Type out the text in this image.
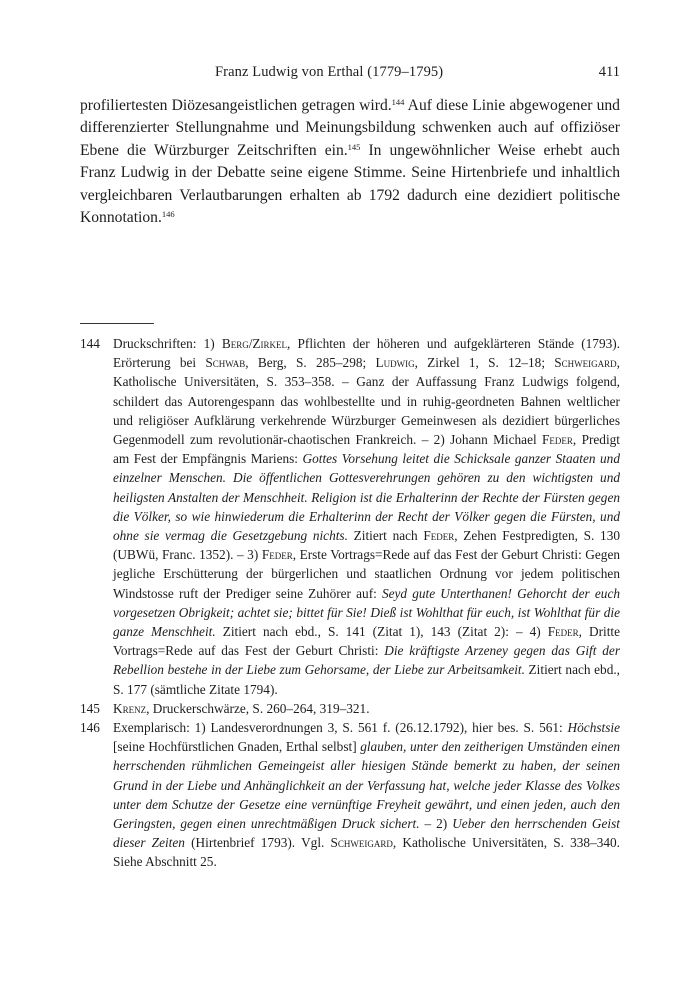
Franz Ludwig von Erthal (1779–1795)	411

profiliertesten Diözesangeistlichen getragen wird.$^{144}$ Auf diese Linie abgewogener und differenzierter Stellungnahme und Meinungsbildung schwenken auch auf offiziöser Ebene die Würzburger Zeitschriften ein.$^{145}$ In ungewöhnlicher Weise erhebt auch Franz Ludwig in der Debatte seine eigene Stimme. Seine Hirtenbriefe und inhaltlich vergleichbaren Verlautbarungen erhalten ab 1792 dadurch eine dezidiert politische Konnotation.$^{146}$

144 Druckschriften: 1) Berg/Zirkel, Pflichten der höheren und aufgeklärteren Stände (1793). Erörterung bei Schwab, Berg, S. 285–298; Ludwig, Zirkel 1, S. 12–18; Schweigard, Katholische Universitäten, S. 353–358. – Ganz der Auffassung Franz Ludwigs folgend, schildert das Autorengespann das wohlbestellte und in ruhig-geordneten Bahnen weltlicher und religiöser Aufklärung verkehrende Würzburger Gemeinwesen als dezidiert bürgerliches Gegenmodell zum revolutionär-chaotischen Frankreich. – 2) Johann Michael Feder, Predigt am Fest der Empfängnis Mariens: Gottes Vorsehung leitet die Schicksale ganzer Staaten und einzelner Menschen. Die öffentlichen Gottesverehrungen gehören zu den wichtigsten und heiligsten Anstalten der Menschheit. Religion ist die Erhalterinn der Rechte der Fürsten gegen die Völker, so wie hinwiederum die Erhalterinn der Recht der Völker gegen die Fürsten, und ohne sie vermag die Gesetzgebung nichts. Zitiert nach Feder, Zehen Festpredigten, S. 130 (UBWü, Franc. 1352). – 3) Feder, Erste Vortrags=Rede auf das Fest der Geburt Christi: Gegen jegliche Erschütterung der bürgerlichen und staatlichen Ordnung vor jedem politischen Windstosse ruft der Prediger seine Zuhörer auf: Seyd gute Unterthanen! Gehorcht der euch vorgesetzen Obrigkeit; achtet sie; bittet für Sie! Dieß ist Wohlthat für euch, ist Wohlthat für die ganze Menschheit. Zitiert nach ebd., S. 141 (Zitat 1), 143 (Zitat 2): – 4) Feder, Dritte Vortrags=Rede auf das Fest der Geburt Christi: Die kräftigste Arzeney gegen das Gift der Rebellion bestehe in der Liebe zum Gehorsame, der Liebe zur Arbeitsamkeit. Zitiert nach ebd., S. 177 (sämtliche Zitate 1794).
145 Krenz, Druckerschwärze, S. 260–264, 319–321.
146 Exemplarisch: 1) Landesverordnungen 3, S. 561 f. (26.12.1792), hier bes. S. 561: Höchstsie [seine Hochfürstlichen Gnaden, Erthal selbst] glauben, unter den zeitherigen Umständen einen herrschenden rühmlichen Gemeingeist aller hiesigen Stände bemerkt zu haben, der seinen Grund in der Liebe und Anhänglichkeit an der Verfassung hat, welche jeder Klasse des Volkes unter dem Schutze der Gesetze eine vernünftige Freyheit gewährt, und einen jeden, auch den Geringsten, gegen einen unrechtmäßigen Druck sichert. – 2) Ueber den herrschenden Geist dieser Zeiten (Hirtenbrief 1793). Vgl. Schweigard, Katholische Universitäten, S. 338–340. Siehe Abschnitt 25.
